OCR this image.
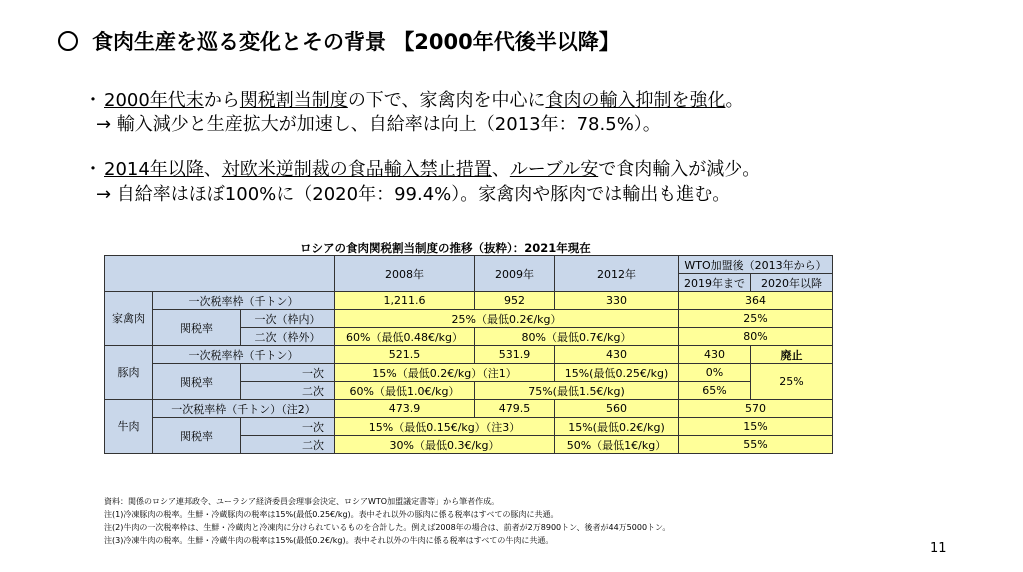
食肉生産を巡る変化とその背景 【2000年代後半以降】
・ 2000年代末から関税割当制度の下で、家禽肉を中心に食肉の輸入抑制を強化。
→ 輸入減少と生産拡大が加速し、自給率は向上（2013年：78.5%）。
・ 2014年以降、対欧米逆制裁の食品輸入禁止措置、ルーブル安で食肉輸入が減少。
→ 自給率はほぼ100%に（2020年：99.4%）。家禽肉や豚肉では輸出も進む。
ロシアの食肉関税割当制度の推移（抜粋）：2021年現在
			2008年	2009年	2012年	WTO加盟後（2013年から）	
						2019年まで	2020年以降
家禽肉	一次税率枠（千トン）		1,211.6	952	330	364	
	関税率	一次（枠内）	25%（最低0.2€/kg）			25%	
		二次（枠外）	60%（最低0.48€/kg）	80%（最低0.7€/kg）		80%	
豚肉	一次税率枠（千トン）		521.5	531.9	430	430	廃止
	関税率	一次	15%（最低0.2€/kg）（注1）		15%(最低0.25€/kg)	0%	25%
		二次	60%（最低1.0€/kg）	75%(最低1.5€/kg)		65%	
牛肉	一次税率枠（千トン）（注2）		473.9	479.5	560	570	
	関税率	一次	15%（最低0.15€/kg）（注3）		15%(最低0.2€/kg)	15%	
		二次	30%（最低0.3€/kg）		50%（最低1€/kg）	55%	
資料：関係のロシア連邦政令、ユーラシア経済委員会理事会決定、ロシアWTO加盟議定書等」から筆者作成。
注(1)冷凍豚肉の税率。生鮮・冷蔵豚肉の税率は15%(最低0.25€/kg)。表中それ以外の豚肉に係る税率はすべての豚肉に共通。
注(2)牛肉の一次税率枠は、生鮮・冷蔵肉と冷凍肉に分けられているものを合計した。例えば2008年の場合は、前者が2万8900トン、後者が44万5000トン。
注(3)冷凍牛肉の税率。生鮮・冷蔵牛肉の税率は15%(最低0.2€/kg)。表中それ以外の牛肉に係る税率はすべての牛肉に共通。
11
